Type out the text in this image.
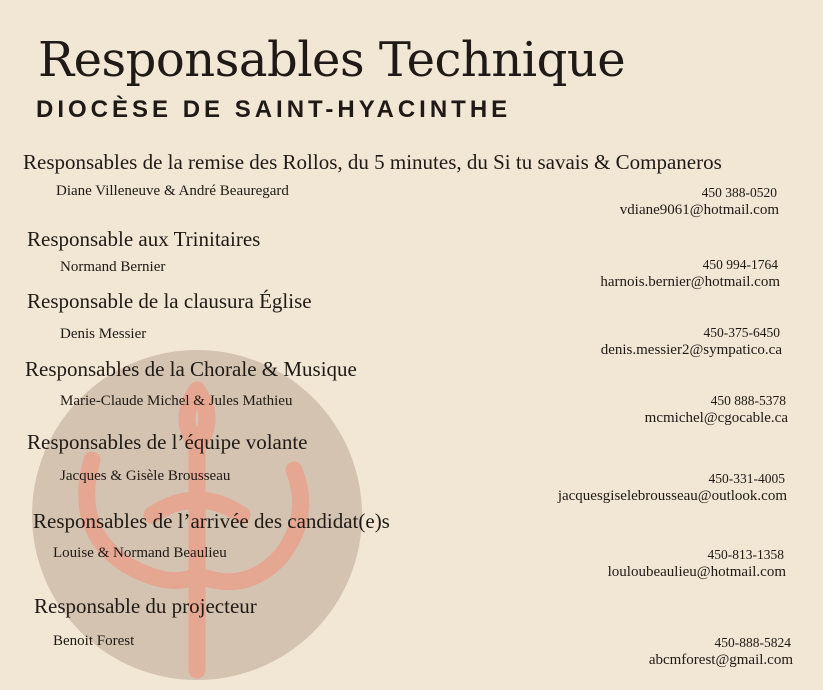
Responsables Technique
DIOCÈSE DE SAINT-HYACINTHE
Responsables de la remise des Rollos, du 5 minutes, du Si tu savais & Companeros
Diane Villeneuve & André Beauregard	450 388-0520
vdiane9061@hotmail.com
Responsable aux Trinitaires
Normand Bernier	450 994-1764
harnois.bernier@hotmail.com
Responsable de la clausura Église
Denis Messier	450-375-6450
denis.messier2@sympatico.ca
Responsables de la Chorale & Musique
Marie-Claude Michel & Jules Mathieu	450 888-5378
mcmichel@cgocable.ca
Responsables de l’équipe volante
Jacques & Gisèle Brousseau	450-331-4005
jacquesgiselebrousseau@outlook.com
Responsables de l’arrivée des candidat(e)s
Louise & Normand Beaulieu	450-813-1358
louloubeaulieu@hotmail.com
Responsable du projecteur
Benoit Forest	450-888-5824
abcmforest@gmail.com
